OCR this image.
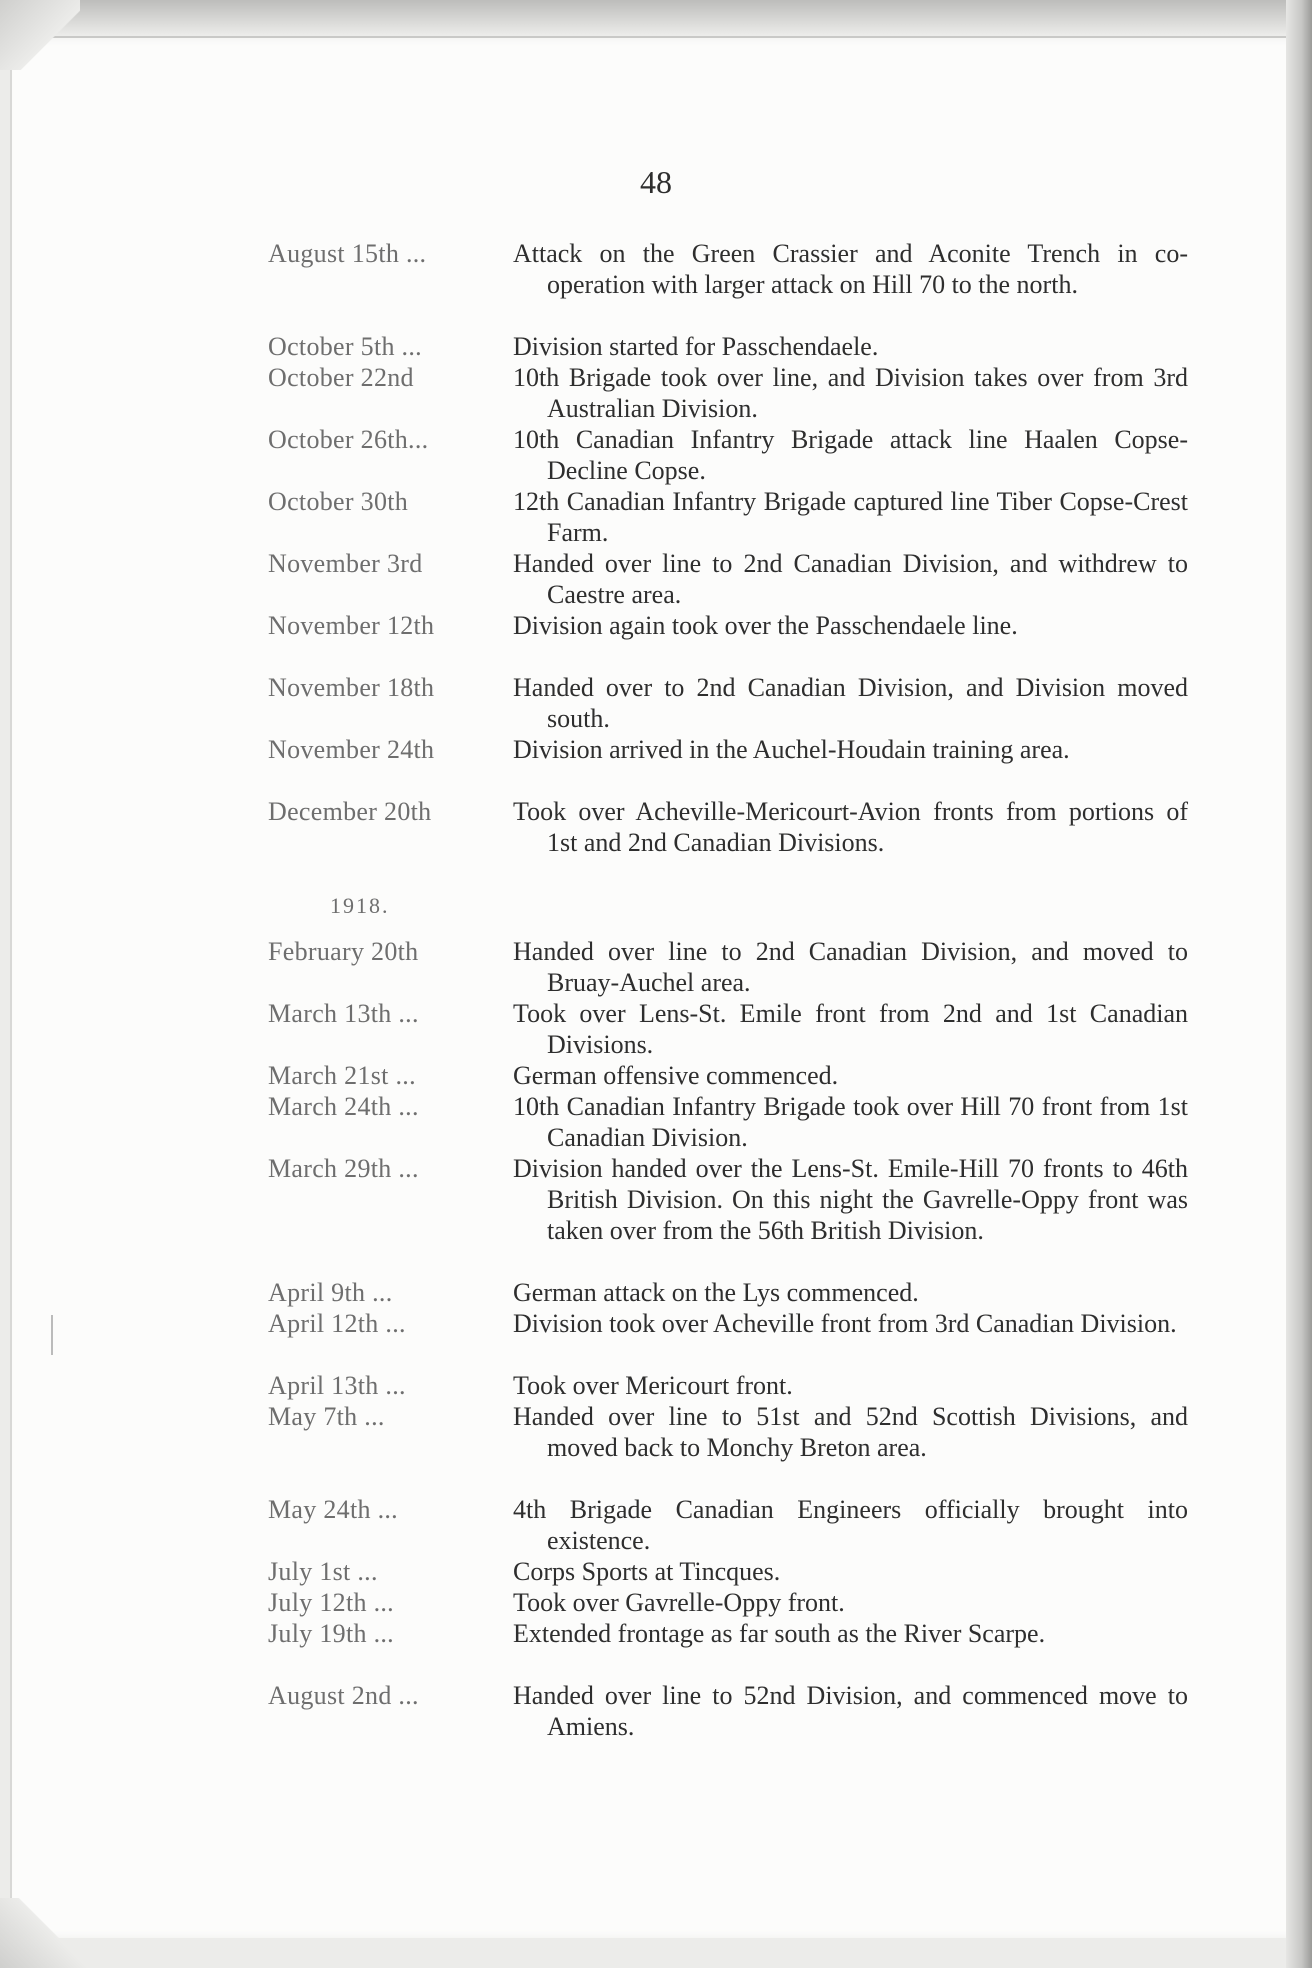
48
August 15th ...	Attack on the Green Crassier and Aconite Trench in co-operation with larger attack on Hill 70 to the north.
October 5th ...	Division started for Passchendaele.
October 22nd	10th Brigade took over line, and Division takes over from 3rd Australian Division.
October 26th...	10th Canadian Infantry Brigade attack line Haalen Copse-Decline Copse.
October 30th	12th Canadian Infantry Brigade captured line Tiber Copse-Crest Farm.
November 3rd	Handed over line to 2nd Canadian Division, and withdrew to Caestre area.
November 12th	Division again took over the Passchendaele line.
November 18th	Handed over to 2nd Canadian Division, and Division moved south.
November 24th	Division arrived in the Auchel-Houdain training area.
December 20th	Took over Acheville-Mericourt-Avion fronts from portions of 1st and 2nd Canadian Divisions.
1918.
February 20th	Handed over line to 2nd Canadian Division, and moved to Bruay-Auchel area.
March 13th ...	Took over Lens-St. Emile front from 2nd and 1st Canadian Divisions.
March 21st ...	German offensive commenced.
March 24th ...	10th Canadian Infantry Brigade took over Hill 70 front from 1st Canadian Division.
March 29th ...	Division handed over the Lens-St. Emile-Hill 70 fronts to 46th British Division. On this night the Gavrelle-Oppy front was taken over from the 56th British Division.
April 9th ...	German attack on the Lys commenced.
April 12th ...	Division took over Acheville front from 3rd Canadian Division.
April 13th ...	Took over Mericourt front.
May 7th ...	Handed over line to 51st and 52nd Scottish Divisions, and moved back to Monchy Breton area.
May 24th ...	4th Brigade Canadian Engineers officially brought into existence.
July 1st ...	Corps Sports at Tincques.
July 12th ...	Took over Gavrelle-Oppy front.
July 19th ...	Extended frontage as far south as the River Scarpe.
August 2nd ...	Handed over line to 52nd Division, and commenced move to Amiens.
